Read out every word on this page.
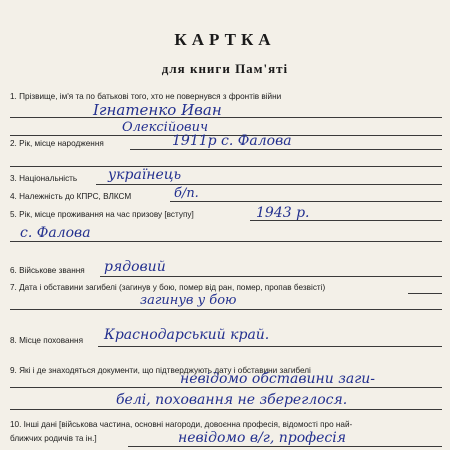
КАРТКА
для книги Пам'яті
1. Прізвище, ім'я та по батькові того, хто не повернувся з фронтів війни
Ігнатенко Иван
Олексійович
2. Рік, місце народження	1911р с. Фалова
3. Національність українець
4. Належність до КПРС, ВЛКСМ	б/п.
5. Рік, місце проживання на час призову [вступу]	1943 р.
с. Фалова
6. Військове звання рядовий
7. Дата і обставини загибелі (загинув у бою, помер від ран, помер, пропав безвісті)
загинув у бою
8. Місце поховання Краснодарський край.
9. Які і де знаходяться документи, що підтверджують дату і обставини загибелі
невідомо обставини заги-
белі, поховання не збереглося.
10. Інші дані [військова частина, основні нагороди, довоєнна професія, відомості про най-
ближчих родичів та ін.]	невідомо в/г, професія
